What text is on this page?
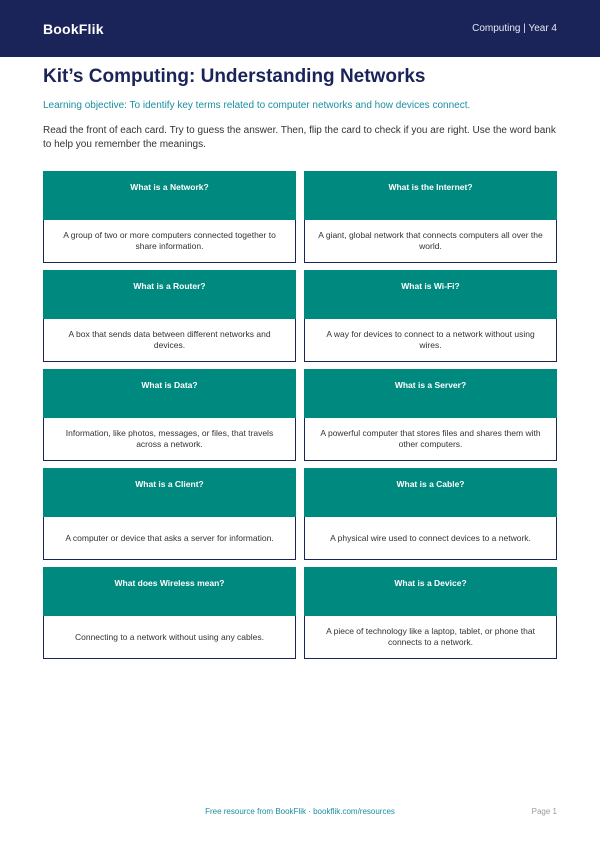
BookFlik	Computing | Year 4
Kit’s Computing: Understanding Networks

Learning objective: To identify key terms related to computer networks and how devices connect.

Read the front of each card. Try to guess the answer. Then, flip the card to check if you are right. Use the word bank to help you remember the meanings.

What is a Network?
A group of two or more computers connected together to share information.
What is the Internet?
A giant, global network that connects computers all over the world.
What is a Router?
A box that sends data between different networks and devices.
What is Wi-Fi?
A way for devices to connect to a network without using wires.
What is Data?
Information, like photos, messages, or files, that travels across a network.
What is a Server?
A powerful computer that stores files and shares them with other computers.
What is a Client?
A computer or device that asks a server for information.
What is a Cable?
A physical wire used to connect devices to a network.
What does Wireless mean?
Connecting to a network without using any cables.
What is a Device?
A piece of technology like a laptop, tablet, or phone that connects to a network.
Free resource from BookFlik · bookflik.com/resources	Page 1
